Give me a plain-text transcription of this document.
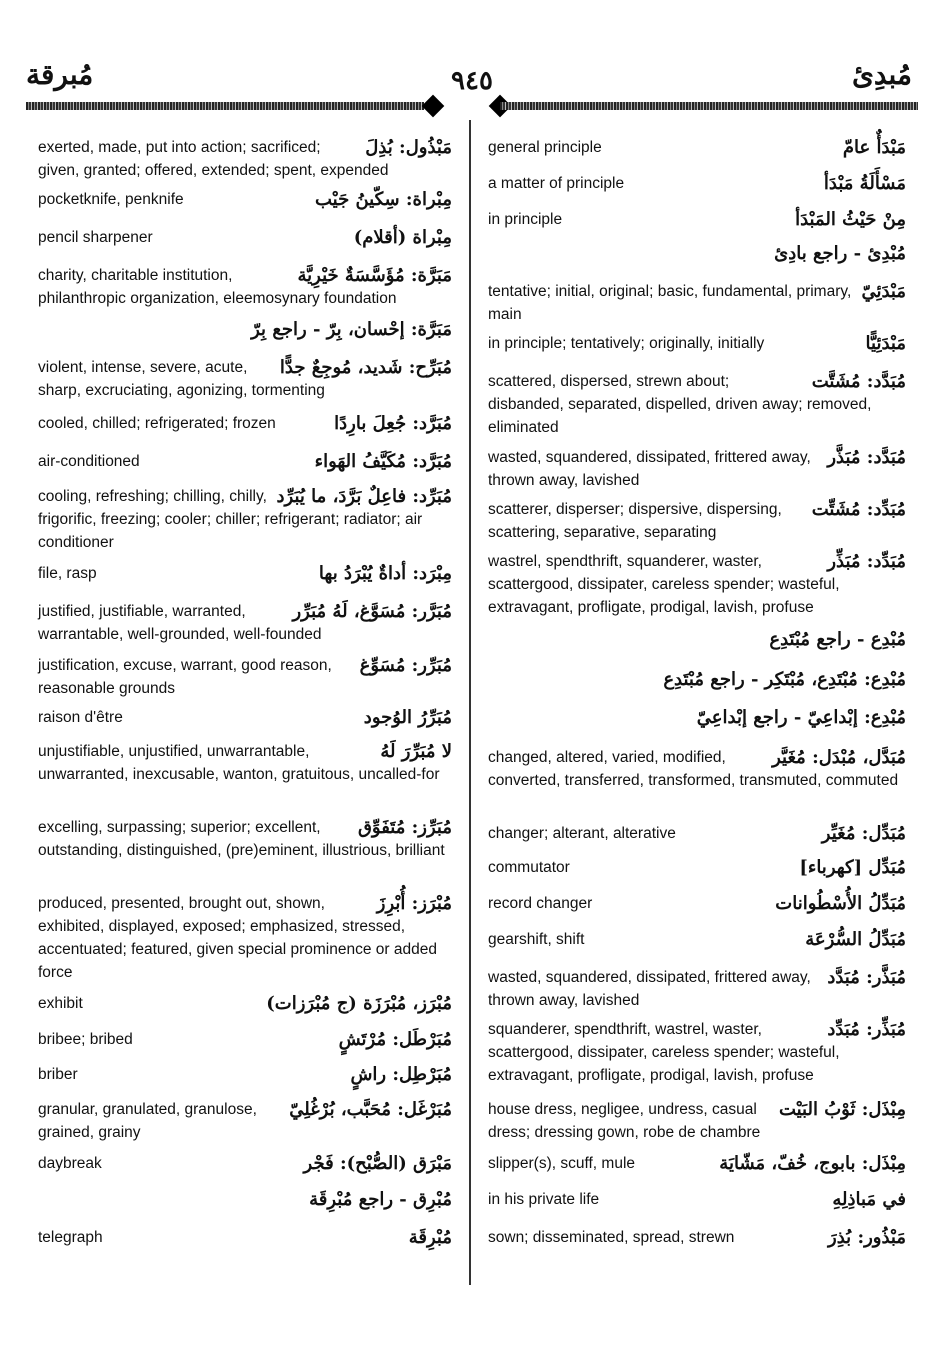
مُبرقة	٩٤٥	مُبدِئ
مَبْذُول: بُذِلَ
exerted, made, put into action; sacrificed; given, granted; offered, extended; spent, expended
مِبْراة: سِكّينُ جَيْب
pocketknife, penknife
مِبْراة (أقلام)
pencil sharpener
مَبَرَّة: مُؤَسَّسَةٌ خَيْرِيَّة
charity, charitable institution, philanthropic organization, eleemosynary foundation
مَبَرَّة: إحْسان، بِرّ - راجع بِرّ
مُبَرِّح: شَديد، مُوجِعٌ جدًّا
violent, intense, severe, acute, sharp, excruciating, agonizing, tormenting
مُبَرَّد: جُعِلَ بارِدًا
cooled, chilled; refrigerated; frozen
مُبَرَّد: مُكَيَّفُ الهَواء
air-conditioned
مُبَرِّد: فاعِلٌ بَرَّدَ، ما يُبَرِّد
cooling, refreshing; chilling, chilly, frigorific, freezing; cooler; chiller; refrigerant; radiator; air conditioner
مِبْرَد: أداةٌ يُبْرَدُ بها
file, rasp
مُبَرَّر: مُسَوَّغ، لَهُ مُبَرِّر
justified, justifiable, warranted, warrantable, well-grounded, well-founded
مُبَرِّر: مُسَوِّغ
justification, excuse, warrant, good reason, reasonable grounds
مُبَرِّرُ الوُجود
raison d'être
لا مُبَرِّرَ لَهُ
unjustifiable, unjustified, unwarrantable, unwarranted, inexcusable, wanton, gratuitous, uncalled-for
مُبَرِّز: مُتَفَوِّق
excelling, surpassing; superior; excellent, outstanding, distinguished, (pre)eminent, illustrious, brilliant
مُبْرَز: أُبْرِزَ
produced, presented, brought out, shown, exhibited, displayed, exposed; emphasized, stressed, accentuated; featured, given special prominence or added force
مُبْرَز، مُبْرَزَة (ج مُبْرَزات)
exhibit
مُبَرْطَل: مُرْتَشٍ
bribee; bribed
مُبَرْطِل: راشٍ
briber
مُبَرْغَل: مُحَبَّب، بُرْغُلِيّ
granular, granulated, granulose, grained, grainy
مَبْرَق (الصُّبْح): فَجْر
daybreak
مُبْرِق - راجع مُبْرِقَة
مُبْرِقَة
telegraph
مَبْدَأٌ عامّ
general principle
مَسْأَلَةُ مَبْدَأ
a matter of principle
مِنْ حَيْثُ المَبْدَأ
in principle
مُبْدِئ - راجع بادِئ
مَبْدَئِيّ
tentative; initial, original; basic, fundamental, primary, main
مَبْدَئِيًّا
in principle; tentatively; originally, initially
مُبَدَّد: مُشَتَّت
scattered, dispersed, strewn about; disbanded, separated, dispelled, driven away; removed, eliminated
مُبَدَّد: مُبَذَّر
wasted, squandered, dissipated, frittered away, thrown away, lavished
مُبَدِّد: مُشَتِّت
scatterer, disperser; dispersive, dispersing, scattering, separative, separating
مُبَدِّد: مُبَذِّر
wastrel, spendthrift, squanderer, waster, scattergood, dissipater, careless spender; wasteful, extravagant, profligate, prodigal, lavish, profuse
مُبْدِع - راجع مُبْتَدِع
مُبْدِع: مُبْتَدِع، مُبْتَكِر - راجع مُبْتَدِع
مُبْدِع: إبْداعِيّ - راجع إبْداعِيّ
مُبَدَّل، مُبْدَل: مُغَيَّر
changed, altered, varied, modified, converted, transferred, transformed, transmuted, commuted
مُبَدِّل: مُغَيِّر
changer; alterant, alterative
مُبَدِّل [كهرباء]
commutator
مُبَدِّلُ الأُسْطُوانات
record changer
مُبَدِّلُ السُّرْعَة
gearshift, shift
مُبَذَّر: مُبَدَّد
wasted, squandered, dissipated, frittered away, thrown away, lavished
مُبَذِّر: مُبَدِّد
squanderer, spendthrift, wastrel, waster, scattergood, dissipater, careless spender; wasteful, extravagant, profligate, prodigal, lavish, profuse
مِبْذَل: ثَوْبُ البَيْت
house dress, negligee, undress, casual dress; dressing gown, robe de chambre
مِبْذَل: بابوج، خُفّ، مَشّايَة
slipper(s), scuff, mule
في مَباذِلِهِ
in his private life
مَبْذُور: بُذِرَ
sown; disseminated, spread, strewn
